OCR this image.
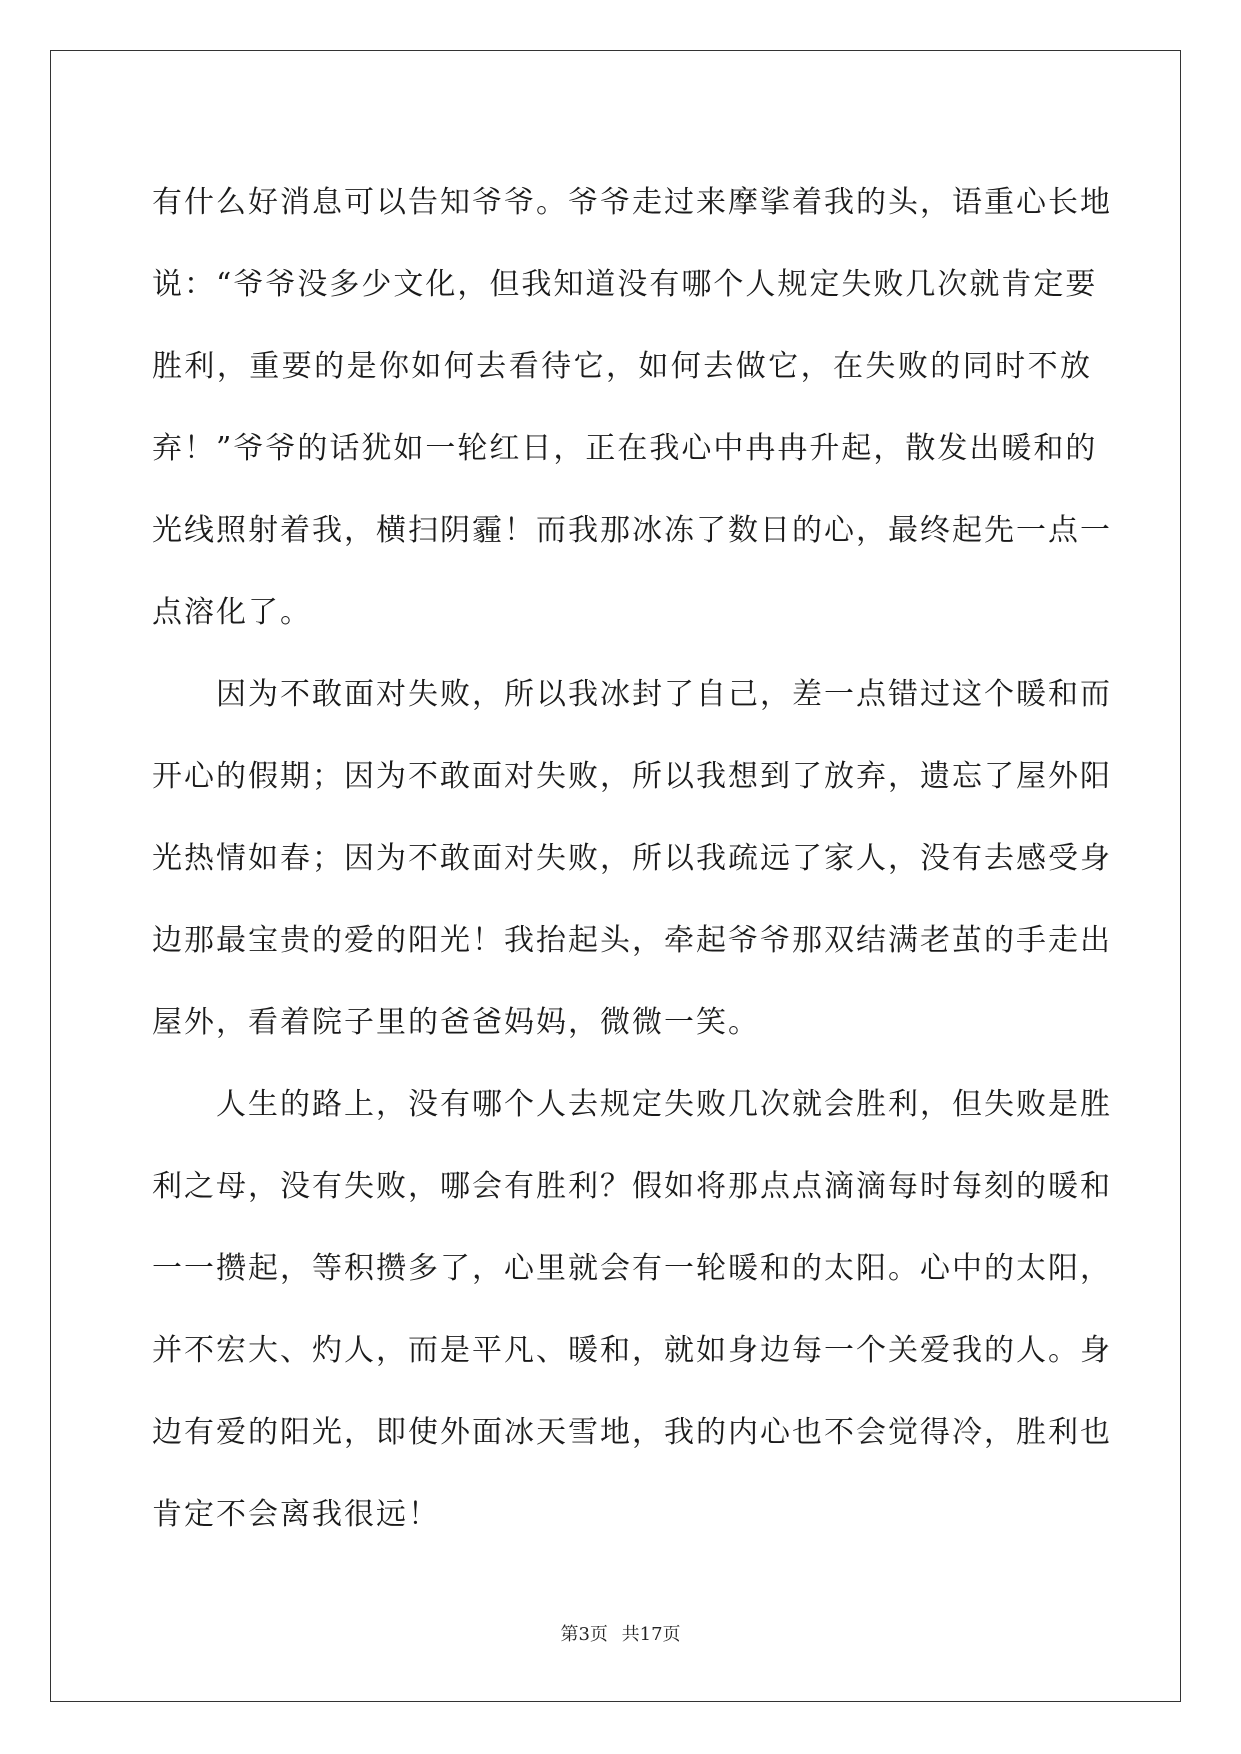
有什么好消息可以告知爷爷。爷爷走过来摩挲着我的头，语重心长地
说：“爷爷没多少文化，但我知道没有哪个人规定失败几次就肯定要
胜利，重要的是你如何去看待它，如何去做它，在失败的同时不放
弃！”爷爷的话犹如一轮红日，正在我心中冉冉升起，散发出暖和的
光线照射着我，横扫阴霾！而我那冰冻了数日的心，最终起先一点一
点溶化了。
因为不敢面对失败，所以我冰封了自己，差一点错过这个暖和而
开心的假期；因为不敢面对失败，所以我想到了放弃，遗忘了屋外阳
光热情如春；因为不敢面对失败，所以我疏远了家人，没有去感受身
边那最宝贵的爱的阳光！我抬起头，牵起爷爷那双结满老茧的手走出
屋外，看着院子里的爸爸妈妈，微微一笑。
人生的路上，没有哪个人去规定失败几次就会胜利，但失败是胜
利之母，没有失败，哪会有胜利？假如将那点点滴滴每时每刻的暖和
一一攒起，等积攒多了，心里就会有一轮暖和的太阳。心中的太阳，
并不宏大、灼人，而是平凡、暖和，就如身边每一个关爱我的人。身
边有爱的阳光，即使外面冰天雪地，我的内心也不会觉得冷，胜利也
肯定不会离我很远！
第3页 共17页
